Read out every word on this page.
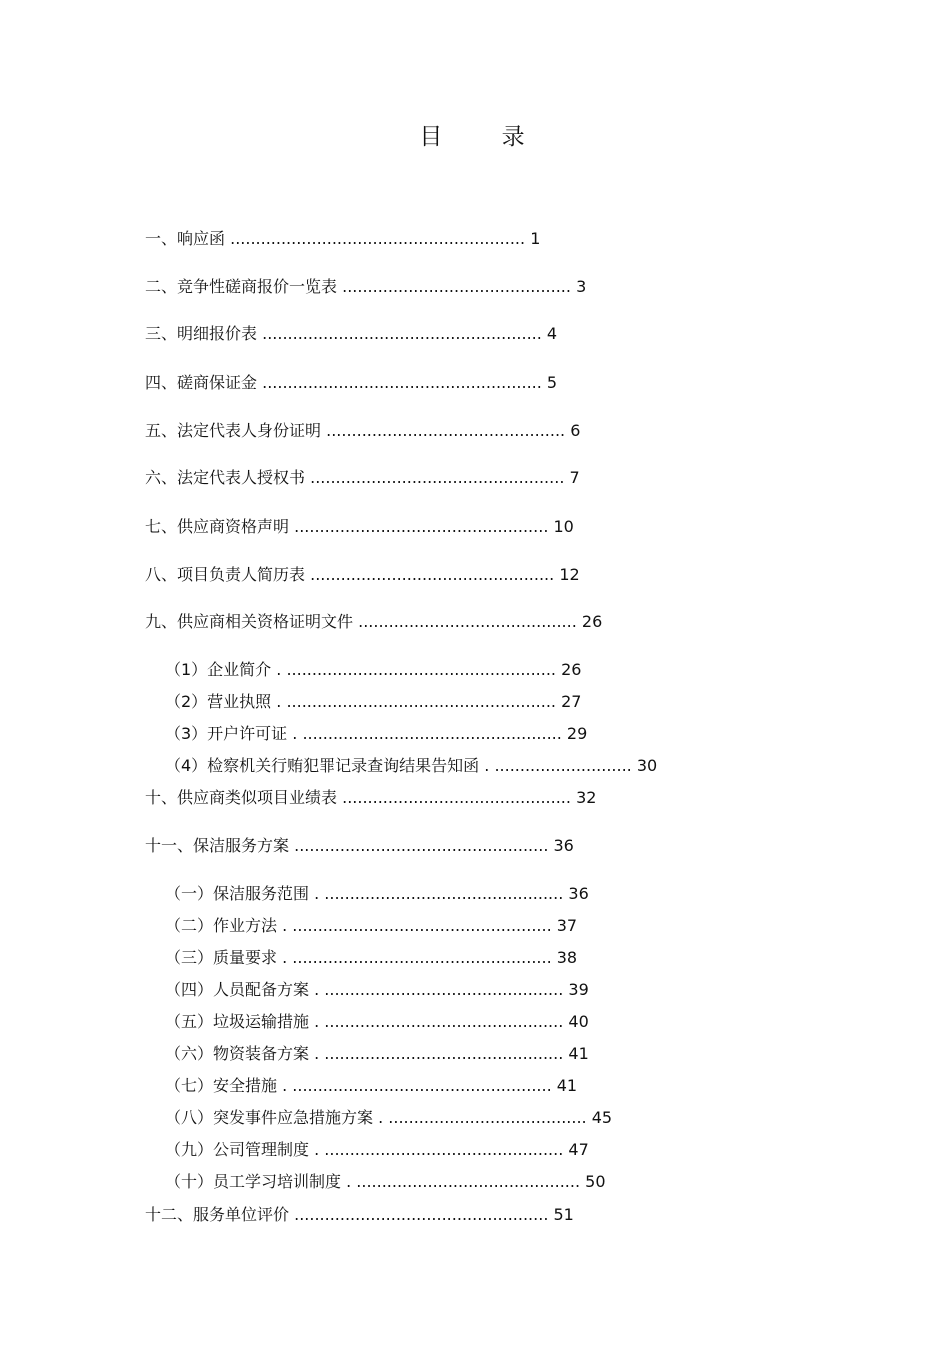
目 录
一、响应函 .......................................................... 1
二、竞争性磋商报价一览表 ............................................. 3
三、明细报价表 ....................................................... 4
四、磋商保证金 ....................................................... 5
五、法定代表人身份证明 ............................................... 6
六、法定代表人授权书 .................................................. 7
七、供应商资格声明 .................................................. 10
八、项目负责人简历表 ................................................ 12
九、供应商相关资格证明文件 ........................................... 26
（1）企业简介 . ..................................................... 26
（2）营业执照 . ..................................................... 27
（3）开户许可证 . ................................................... 29
（4）检察机关行贿犯罪记录查询结果告知函 . ........................... 30
十、供应商类似项目业绩表 ............................................. 32
十一、保洁服务方案 .................................................. 36
（一）保洁服务范围 . ............................................... 36
（二）作业方法 . ................................................... 37
（三）质量要求 . ................................................... 38
（四）人员配备方案 . ............................................... 39
（五）垃圾运输措施 . ............................................... 40
（六）物资装备方案 . ............................................... 41
（七）安全措施 . ................................................... 41
（八）突发事件应急措施方案 . ....................................... 45
（九）公司管理制度 . ............................................... 47
（十）员工学习培训制度 . ............................................ 50
十二、服务单位评价 .................................................. 51
